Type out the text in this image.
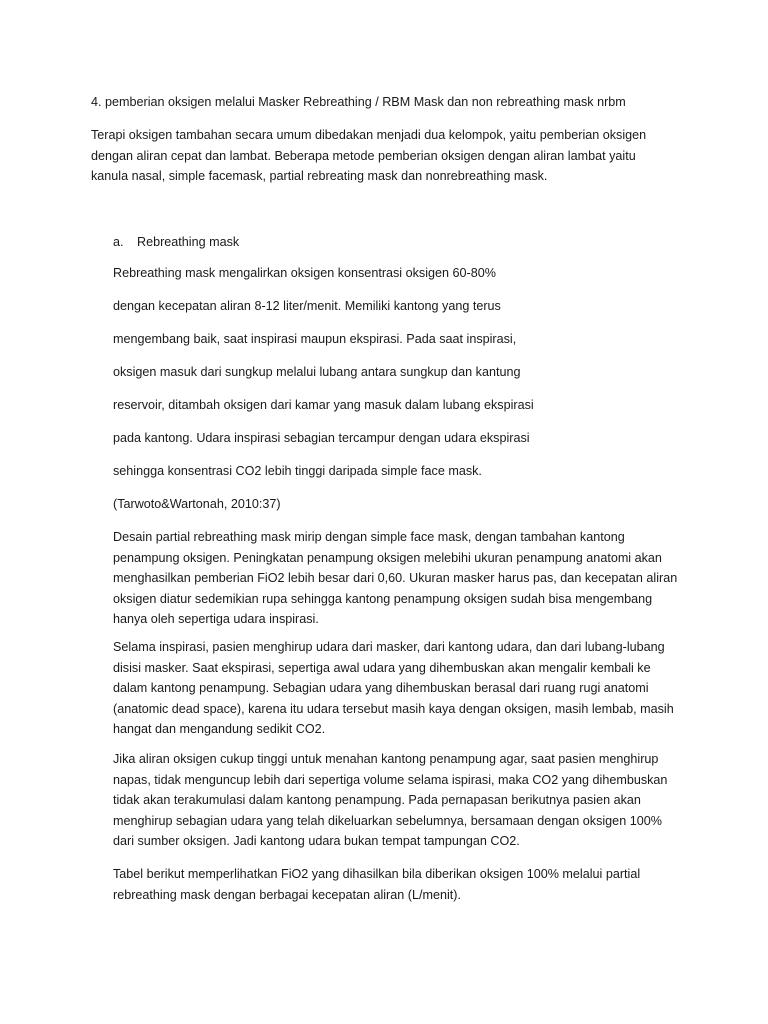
4. pemberian oksigen melalui Masker Rebreathing / RBM Mask dan non rebreathing mask nrbm

Terapi oksigen tambahan secara umum dibedakan menjadi dua kelompok, yaitu pemberian oksigen
dengan aliran cepat dan lambat. Beberapa metode pemberian oksigen dengan aliran lambat yaitu
kanula nasal, simple facemask, partial rebreating mask dan nonrebreathing mask.

a. Rebreathing mask

Rebreathing mask mengalirkan oksigen konsentrasi oksigen 60-80%

dengan kecepatan aliran 8-12 liter/menit. Memiliki kantong yang terus

mengembang baik, saat inspirasi maupun ekspirasi. Pada saat inspirasi,

oksigen masuk dari sungkup melalui lubang antara sungkup dan kantung

reservoir, ditambah oksigen dari kamar yang masuk dalam lubang ekspirasi

pada kantong. Udara inspirasi sebagian tercampur dengan udara ekspirasi

sehingga konsentrasi CO2 lebih tinggi daripada simple face mask.

(Tarwoto&Wartonah, 2010:37)

Desain partial rebreathing mask mirip dengan simple face mask, dengan tambahan kantong
penampung oksigen. Peningkatan penampung oksigen melebihi ukuran penampung anatomi akan
menghasilkan pemberian FiO2 lebih besar dari 0,60. Ukuran masker harus pas, dan kecepatan aliran
oksigen diatur sedemikian rupa sehingga kantong penampung oksigen sudah bisa mengembang
hanya oleh sepertiga udara inspirasi.

Selama inspirasi, pasien menghirup udara dari masker, dari kantong udara, dan dari lubang-lubang
disisi masker. Saat ekspirasi, sepertiga awal udara yang dihembuskan akan mengalir kembali ke
dalam kantong penampung. Sebagian udara yang dihembuskan berasal dari ruang rugi anatomi
(anatomic dead space), karena itu udara tersebut masih kaya dengan oksigen, masih lembab, masih
hangat dan mengandung sedikit CO2.

Jika aliran oksigen cukup tinggi untuk menahan kantong penampung agar, saat pasien menghirup
napas, tidak menguncup lebih dari sepertiga volume selama ispirasi, maka CO2 yang dihembuskan
tidak akan terakumulasi dalam kantong penampung. Pada pernapasan berikutnya pasien akan
menghirup sebagian udara yang telah dikeluarkan sebelumnya, bersamaan dengan oksigen 100%
dari sumber oksigen. Jadi kantong udara bukan tempat tampungan CO2.

Tabel berikut memperlihatkan FiO2 yang dihasilkan bila diberikan oksigen 100% melalui partial
rebreathing mask dengan berbagai kecepatan aliran (L/menit).
